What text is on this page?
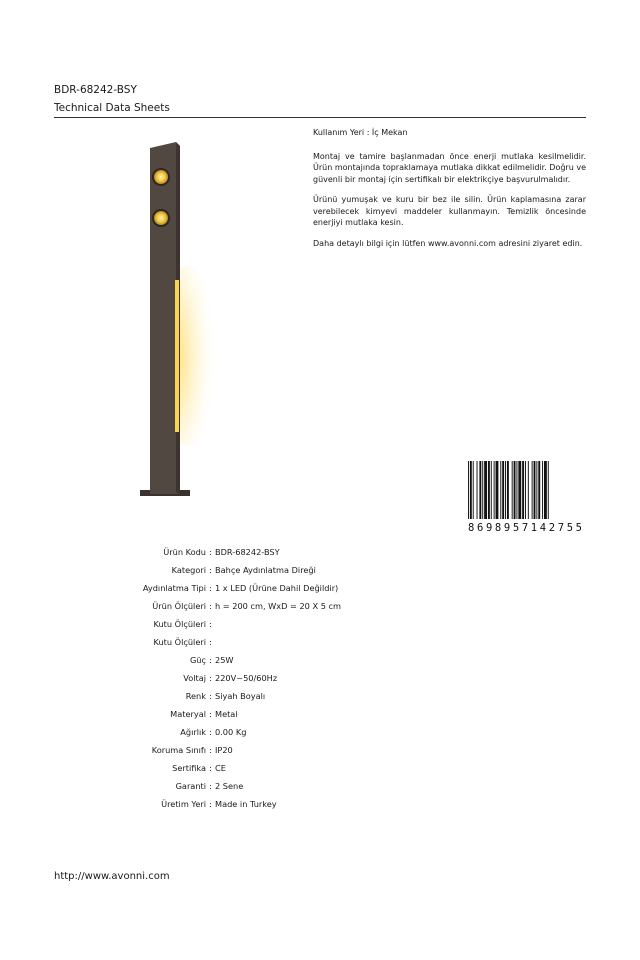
BDR-68242-BSY
Technical Data Sheets

Kullanım Yeri : İç Mekan

Montaj ve tamire başlanmadan önce enerji mutlaka kesilmelidir. Ürün montajında topraklamaya mutlaka dikkat edilmelidir. Doğru ve güvenli bir montaj için sertifikalı bir elektrikçiye başvurulmalıdır.

Ürünü yumuşak ve kuru bir bez ile silin. Ürün kaplamasına zarar verebilecek kimyevi maddeler kullanmayın. Temizlik öncesinde enerjiyi mutlaka kesin.

Daha detaylı bilgi için lütfen www.avonni.com adresini ziyaret edin.

8698957142755
Ürün Kodu : BDR-68242-BSY
Kategori : Bahçe Aydınlatma Direği
Aydınlatma Tipi : 1 x LED (Ürüne Dahil Değildir)
Ürün Ölçüleri : h = 200 cm, WxD = 20 X 5 cm
Kutu Ölçüleri :
Kutu Ölçüleri :
Güç : 25W
Voltaj : 220V~50/60Hz
Renk : Siyah Boyalı
Materyal : Metal
Ağırlık : 0.00 Kg
Koruma Sınıfı : IP20
Sertifika : CE
Garanti : 2 Sene
Üretim Yeri : Made in Turkey
http://www.avonni.com
